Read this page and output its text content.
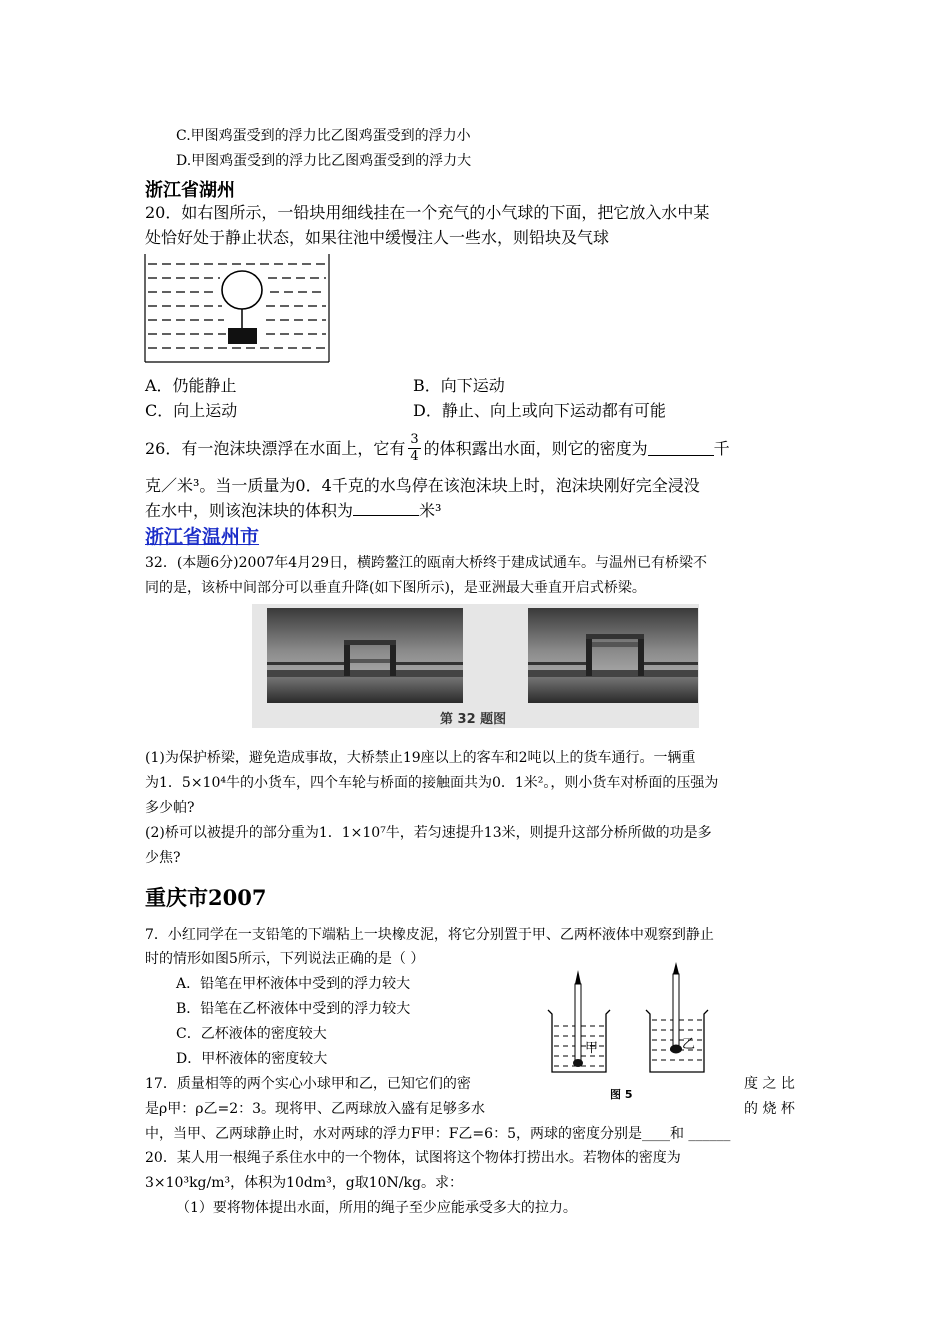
C.甲图鸡蛋受到的浮力比乙图鸡蛋受到的浮力小
D.甲图鸡蛋受到的浮力比乙图鸡蛋受到的浮力大
浙江省湖州
20．如右图所示，一铅块用细线挂在一个充气的小气球的下面，把它放入水中某
处恰好处于静止状态，如果往池中缓慢注人一些水，则铅块及气球
A．仍能静止	B．向下运动
C．向上运动	D．静止、向上或向下运动都有可能
26．有一泡沫块漂浮在水面上，它有 $\frac{3}{4}$ 的体积露出水面，则它的密度为	千
克／米³。当一质量为0．4千克的水鸟停在该泡沫块上时，泡沫块刚好完全浸没
在水中，则该泡沫块的体积为	米³
浙江省温州市
32．(本题6分)2007年4月29日，横跨鳌江的瓯南大桥终于建成试通车。与温州已有桥梁不
同的是，该桥中间部分可以垂直升降(如下图所示)，是亚洲最大垂直开启式桥梁。
第 32 题图
(1)为保护桥梁，避免造成事故，大桥禁止19座以上的客车和2吨以上的货车通行。一辆重
为1．5×10⁴牛的小货车，四个车轮与桥面的接触面共为0．1米²。，则小货车对桥面的压强为
多少帕?
(2)桥可以被提升的部分重为1．1×10⁷牛，若匀速提升13米，则提升这部分桥所做的功是多
少焦?
重庆市2007
7．小红同学在一支铅笔的下端粘上一块橡皮泥，将它分别置于甲、乙两杯液体中观察到静止
时的情形如图5所示，下列说法正确的是（ ）
A．铅笔在甲杯液体中受到的浮力较大
B．铅笔在乙杯液体中受到的浮力较大
C．乙杯液体的密度较大
D．甲杯液体的密度较大
甲	乙
图 5
17．质量相等的两个实心小球甲和乙，已知它们的密	度 之 比
是ρ甲：ρ乙=2：3。现将甲、乙两球放入盛有足够多水	的 烧 杯
中，当甲、乙两球静止时，水对两球的浮力F甲：F乙=6：5，两球的密度分别是____和 ______
20．某人用一根绳子系住水中的一个物体，试图将这个物体打捞出水。若物体的密度为
3×10³kg/m³，体积为10dm³，g取10N/kg。求：
（1）要将物体提出水面，所用的绳子至少应能承受多大的拉力。
